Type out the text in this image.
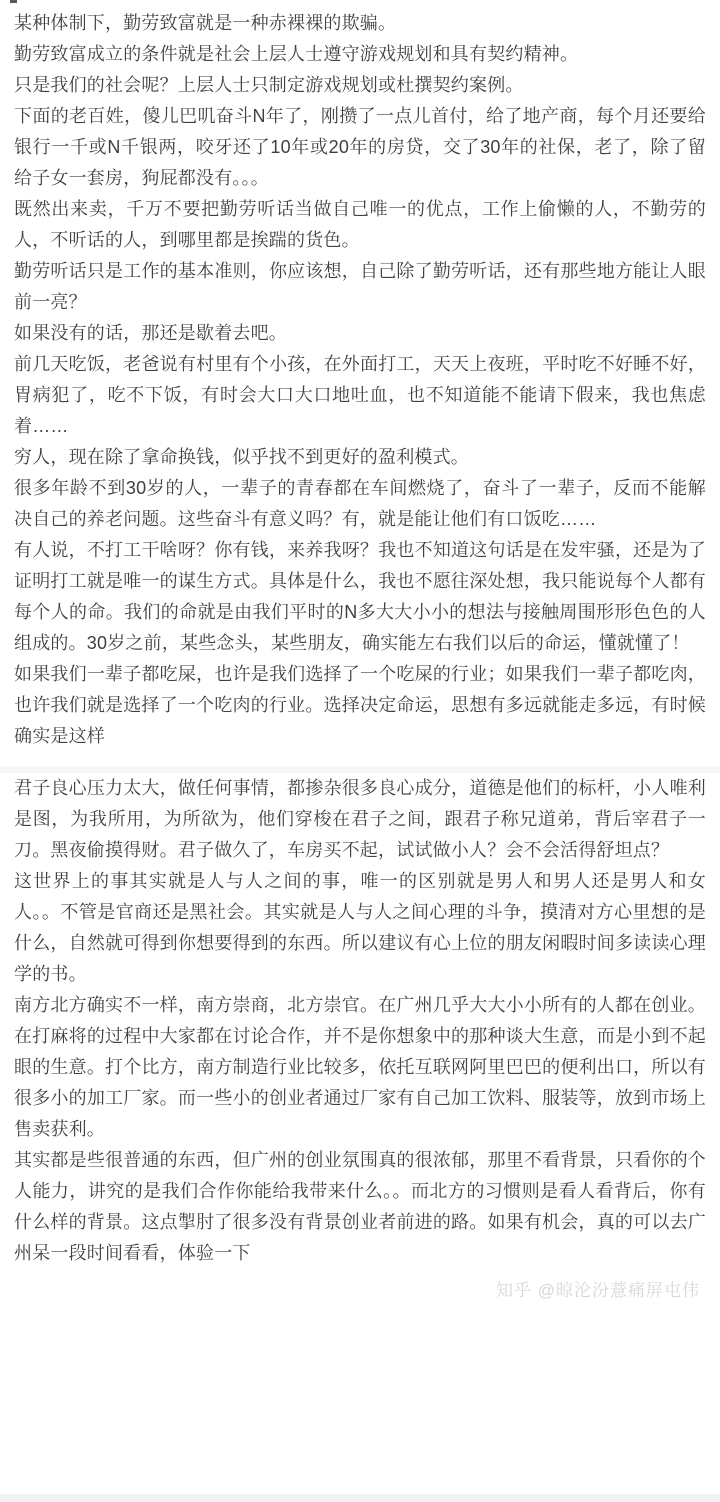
某种体制下，勤劳致富就是一种赤裸裸的欺骗。

勤劳致富成立的条件就是社会上层人士遵守游戏规划和具有契约精神。

只是我们的社会呢？上层人士只制定游戏规划或杜撰契约案例。

下面的老百姓，傻儿巴叽奋斗N年了，刚攒了一点儿首付，给了地产商，每个月还要给银行一千或N千银两，咬牙还了10年或20年的房贷，交了30年的社保，老了，除了留给子女一套房，狗屁都没有。。。

既然出来卖，千万不要把勤劳听话当做自己唯一的优点，工作上偷懒的人，不勤劳的人，不听话的人，到哪里都是挨踹的货色。

勤劳听话只是工作的基本准则，你应该想，自己除了勤劳听话，还有那些地方能让人眼前一亮？

如果没有的话，那还是歇着去吧。

前几天吃饭，老爸说有村里有个小孩，在外面打工，天天上夜班，平时吃不好睡不好，胃病犯了，吃不下饭，有时会大口大口地吐血，也不知道能不能请下假来，我也焦虑着……

穷人，现在除了拿命换钱，似乎找不到更好的盈利模式。

很多年龄不到30岁的人，一辈子的青春都在车间燃烧了，奋斗了一辈子，反而不能解决自己的养老问题。这些奋斗有意义吗？有，就是能让他们有口饭吃……

有人说，不打工干啥呀？你有钱，来养我呀？我也不知道这句话是在发牢骚，还是为了证明打工就是唯一的谋生方式。具体是什么，我也不愿往深处想，我只能说每个人都有每个人的命。我们的命就是由我们平时的N多大大小小的想法与接触周围形形色色的人组成的。30岁之前，某些念头，某些朋友，确实能左右我们以后的命运，懂就懂了！

如果我们一辈子都吃屎，也许是我们选择了一个吃屎的行业；如果我们一辈子都吃肉，也许我们就是选择了一个吃肉的行业。选择决定命运，思想有多远就能走多远，有时候确实是这样

君子良心压力太大，做任何事情，都掺杂很多良心成分，道德是他们的标杆，小人唯利是图，为我所用，为所欲为，他们穿梭在君子之间，跟君子称兄道弟，背后宰君子一刀。黑夜偷摸得财。君子做久了，车房买不起，试试做小人？会不会活得舒坦点？

这世界上的事其实就是人与人之间的事，唯一的区别就是男人和男人还是男人和女人。。不管是官商还是黑社会。其实就是人与人之间心理的斗争，摸清对方心里想的是什么，自然就可得到你想要得到的东西。所以建议有心上位的朋友闲暇时间多读读心理学的书。

南方北方确实不一样，南方崇商，北方崇官。在广州几乎大大小小所有的人都在创业。在打麻将的过程中大家都在讨论合作，并不是你想象中的那种谈大生意，而是小到不起眼的生意。打个比方，南方制造行业比较多，依托互联网阿里巴巴的便利出口，所以有很多小的加工厂家。而一些小的创业者通过厂家有自己加工饮料、服装等，放到市场上售卖获利。

其实都是些很普通的东西，但广州的创业氛围真的很浓郁，那里不看背景，只看你的个人能力，讲究的是我们合作你能给我带来什么。。而北方的习惯则是看人看背后，你有什么样的背景。这点掣肘了很多没有背景创业者前进的路。如果有机会，真的可以去广州呆一段时间看看，体验一下

知乎 @晾沦汾薏痛屏屯伟
